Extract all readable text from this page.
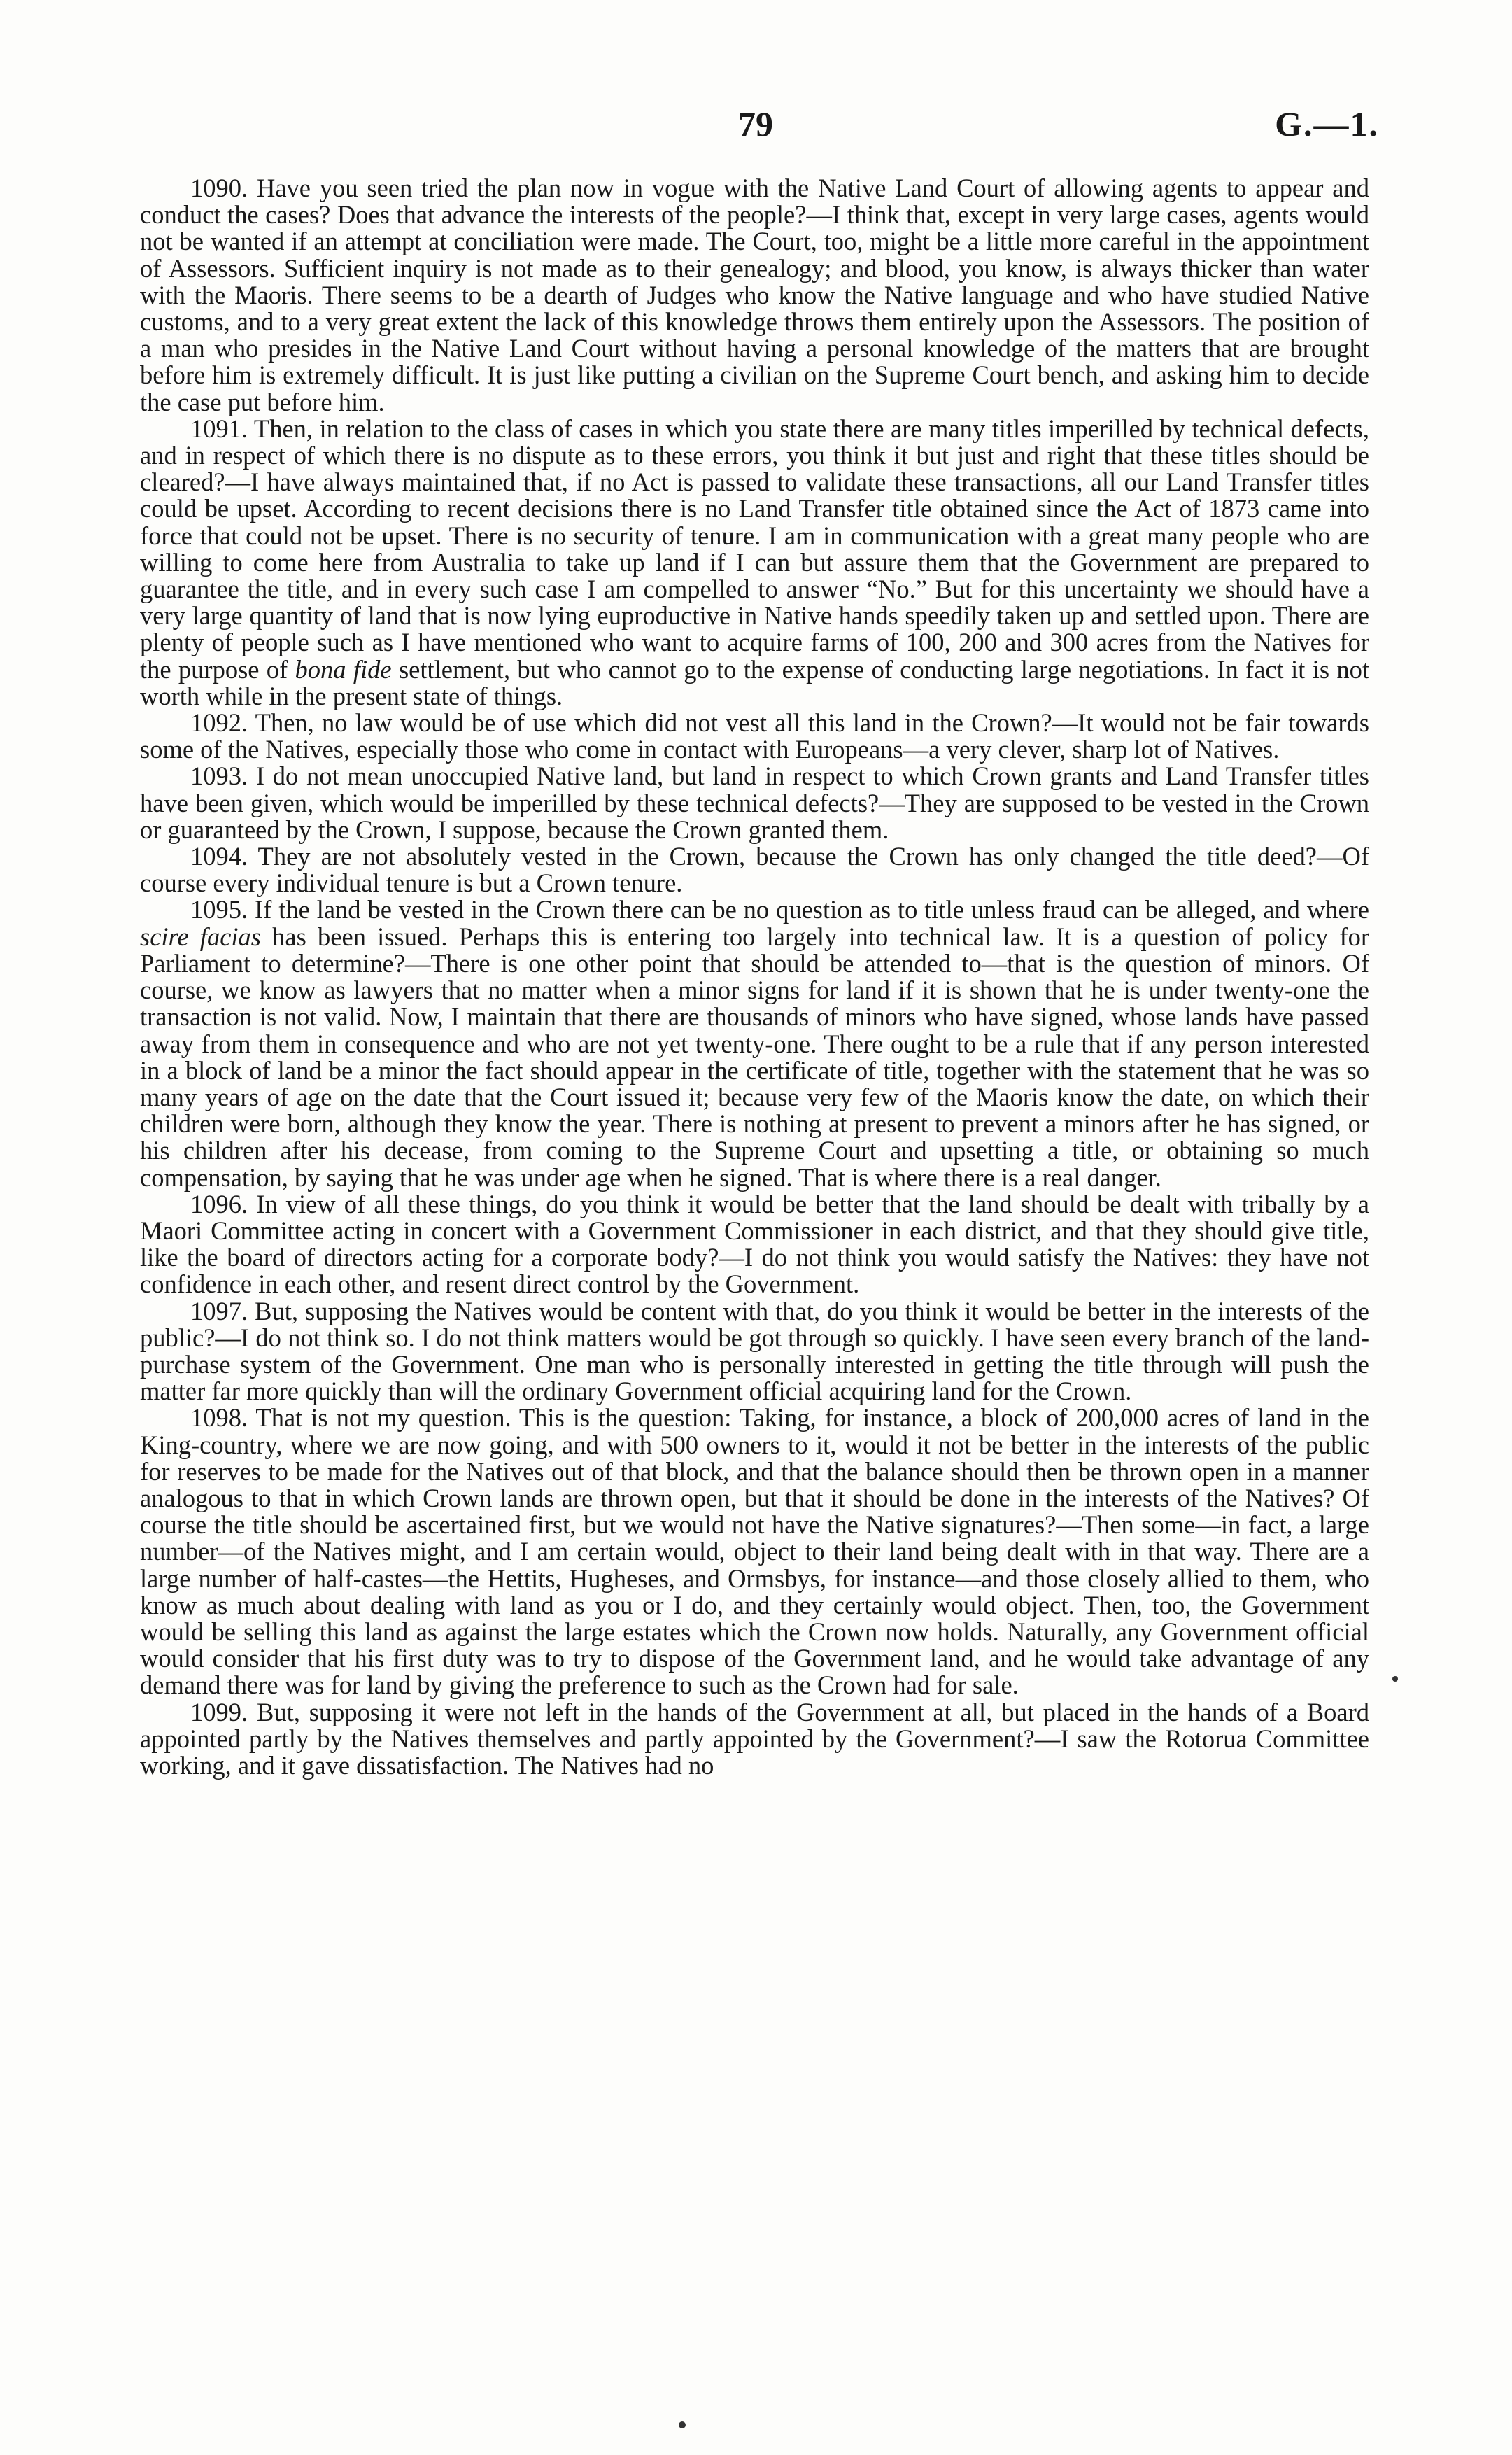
79	G.—1.

1090. Have you seen tried the plan now in vogue with the Native Land Court of allowing agents to appear and conduct the cases? Does that advance the interests of the people?—I think that, except in very large cases, agents would not be wanted if an attempt at conciliation were made. The Court, too, might be a little more careful in the appointment of Assessors. Sufficient inquiry is not made as to their genealogy; and blood, you know, is always thicker than water with the Maoris. There seems to be a dearth of Judges who know the Native language and who have studied Native customs, and to a very great extent the lack of this knowledge throws them entirely upon the Assessors. The position of a man who presides in the Native Land Court without having a personal knowledge of the matters that are brought before him is extremely difficult. It is just like putting a civilian on the Supreme Court bench, and asking him to decide the case put before him.

1091. Then, in relation to the class of cases in which you state there are many titles imperilled by technical defects, and in respect of which there is no dispute as to these errors, you think it but just and right that these titles should be cleared?—I have always maintained that, if no Act is passed to validate these transactions, all our Land Transfer titles could be upset. According to recent decisions there is no Land Transfer title obtained since the Act of 1873 came into force that could not be upset. There is no security of tenure. I am in communication with a great many people who are willing to come here from Australia to take up land if I can but assure them that the Government are prepared to guarantee the title, and in every such case I am compelled to answer “No.” But for this uncertainty we should have a very large quantity of land that is now lying euproductive in Native hands speedily taken up and settled upon. There are plenty of people such as I have mentioned who want to acquire farms of 100, 200 and 300 acres from the Natives for the purpose of bona fide settlement, but who cannot go to the expense of conducting large negotiations. In fact it is not worth while in the present state of things.

1092. Then, no law would be of use which did not vest all this land in the Crown?—It would not be fair towards some of the Natives, especially those who come in contact with Europeans—a very clever, sharp lot of Natives.

1093. I do not mean unoccupied Native land, but land in respect to which Crown grants and Land Transfer titles have been given, which would be imperilled by these technical defects?—They are supposed to be vested in the Crown or guaranteed by the Crown, I suppose, because the Crown granted them.

1094. They are not absolutely vested in the Crown, because the Crown has only changed the title deed?—Of course every individual tenure is but a Crown tenure.

1095. If the land be vested in the Crown there can be no question as to title unless fraud can be alleged, and where scire facias has been issued. Perhaps this is entering too largely into technical law. It is a question of policy for Parliament to determine?—There is one other point that should be attended to—that is the question of minors. Of course, we know as lawyers that no matter when a minor signs for land if it is shown that he is under twenty-one the transaction is not valid. Now, I maintain that there are thousands of minors who have signed, whose lands have passed away from them in consequence and who are not yet twenty-one. There ought to be a rule that if any person interested in a block of land be a minor the fact should appear in the certificate of title, together with the statement that he was so many years of age on the date that the Court issued it; because very few of the Maoris know the date, on which their children were born, although they know the year. There is nothing at present to prevent a minors after he has signed, or his children after his decease, from coming to the Supreme Court and upsetting a title, or obtaining so much compensation, by saying that he was under age when he signed. That is where there is a real danger.

1096. In view of all these things, do you think it would be better that the land should be dealt with tribally by a Maori Committee acting in concert with a Government Commissioner in each district, and that they should give title, like the board of directors acting for a corporate body?—I do not think you would satisfy the Natives: they have not confidence in each other, and resent direct control by the Government.

1097. But, supposing the Natives would be content with that, do you think it would be better in the interests of the public?—I do not think so. I do not think matters would be got through so quickly. I have seen every branch of the land-purchase system of the Government. One man who is personally interested in getting the title through will push the matter far more quickly than will the ordinary Government official acquiring land for the Crown.

1098. That is not my question. This is the question: Taking, for instance, a block of 200,000 acres of land in the King-country, where we are now going, and with 500 owners to it, would it not be better in the interests of the public for reserves to be made for the Natives out of that block, and that the balance should then be thrown open in a manner analogous to that in which Crown lands are thrown open, but that it should be done in the interests of the Natives? Of course the title should be ascertained first, but we would not have the Native signatures?—Then some—in fact, a large number—of the Natives might, and I am certain would, object to their land being dealt with in that way. There are a large number of half-castes—the Hettits, Hugheses, and Ormsbys, for instance—and those closely allied to them, who know as much about dealing with land as you or I do, and they certainly would object. Then, too, the Government would be selling this land as against the large estates which the Crown now holds. Naturally, any Government official would consider that his first duty was to try to dispose of the Government land, and he would take advantage of any demand there was for land by giving the preference to such as the Crown had for sale.

1099. But, supposing it were not left in the hands of the Government at all, but placed in the hands of a Board appointed partly by the Natives themselves and partly appointed by the Government?—I saw the Rotorua Committee working, and it gave dissatisfaction. The Natives had no
